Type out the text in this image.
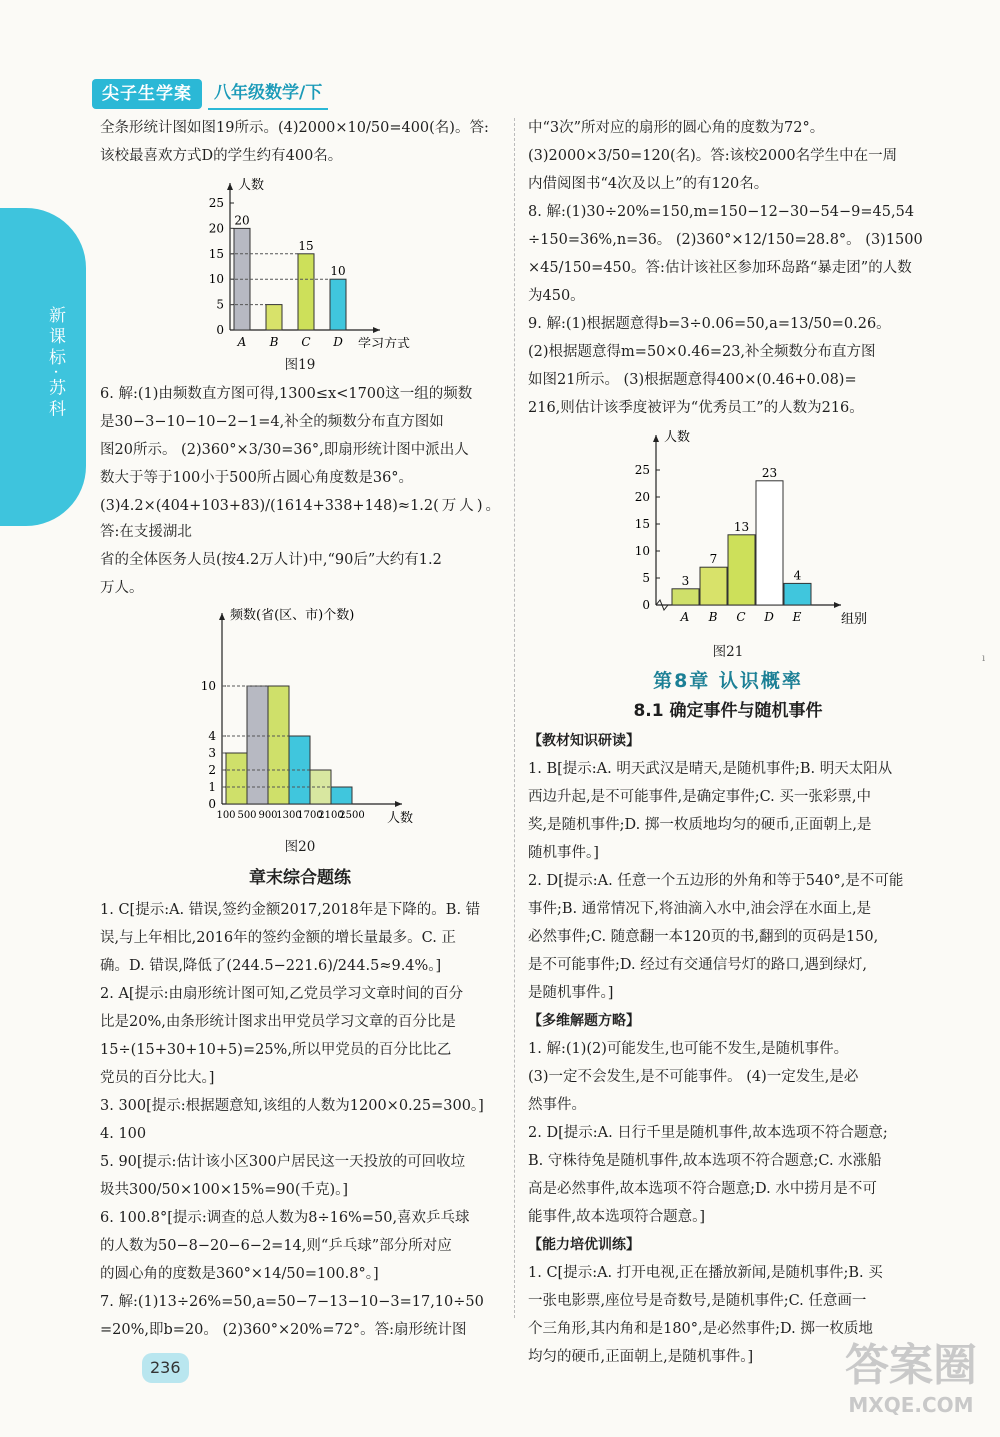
新课标·苏科
尖子生学案	八年级数学/下

全条形统计图如图19所示。(4)2000×10/50=400(名)。答:

该校最喜欢方式D的学生约有400名。

0
5
10
15
20
25
人数
学习方式
20
15
10
A B C D
图19

6. 解:(1)由频数直方图可得,1300≤x<1700这一组的频数

是30−3−10−10−2−1=4,补全的频数分布直方图如

图20所示。 (2)360°×3/30=36°,即扇形统计图中派出人

数大于等于100小于500所占圆心角度数是36°。

(3)4.2×(404+103+83)/(1614+338+148)≈1.2(万人)。答:在支援湖北

省的全体医务人员(按4.2万人计)中,“90后”大约有1.2

万人。

0
1
2
3
4
10
频数(省(区、市)个数)
人数
100 500 900
1300
1700
2100
2500
图20
章末综合题练

1. C[提示:A. 错误,签约金额2017,2018年是下降的。B. 错

误,与上年相比,2016年的签约金额的增长量最多。C. 正

确。D. 错误,降低了(244.5−221.6)/244.5≈9.4%。]

2. A[提示:由扇形统计图可知,乙党员学习文章时间的百分

比是20%,由条形统计图求出甲党员学习文章的百分比是

15÷(15+30+10+5)=25%,所以甲党员的百分比比乙

党员的百分比大。]

3. 300[提示:根据题意知,该组的人数为1200×0.25=300。]

4. 100

5. 90[提示:估计该小区300户居民这一天投放的可回收垃

圾共300/50×100×15%=90(千克)。]

6. 100.8°[提示:调查的总人数为8÷16%=50,喜欢乒乓球

的人数为50−8−20−6−2=14,则“乒乓球”部分所对应

的圆心角的度数是360°×14/50=100.8°。]

7. 解:(1)13÷26%=50,a=50−7−13−10−3=17,10÷50

=20%,即b=20。 (2)360°×20%=72°。答:扇形统计图

中“3次”所对应的扇形的圆心角的度数为72°。

(3)2000×3/50=120(名)。答:该校2000名学生中在一周

内借阅图书“4次及以上”的有120名。

8. 解:(1)30÷20%=150,m=150−12−30−54−9=45,54

÷150=36%,n=36。 (2)360°×12/150=28.8°。 (3)1500

×45/150=450。答:估计该社区参加环岛路“暴走团”的人数

为450。

9. 解:(1)根据题意得b=3÷0.06=50,a=13/50=0.26。

(2)根据题意得m=50×0.46=23,补全频数分布直方图

如图21所示。 (3)根据题意得400×(0.46+0.08)=

216,则估计该季度被评为“优秀员工”的人数为216。

0
5
10
15
20
25
人数
组别
3
7
13
23
4
A B C D E
图21
第8章 认识概率
8.1 确定事件与随机事件
【教材知识研读】

1. B[提示:A. 明天武汉是晴天,是随机事件;B. 明天太阳从

西边升起,是不可能事件,是确定事件;C. 买一张彩票,中

奖,是随机事件;D. 掷一枚质地均匀的硬币,正面朝上,是

随机事件。]

2. D[提示:A. 任意一个五边形的外角和等于540°,是不可能

事件;B. 通常情况下,将油滴入水中,油会浮在水面上,是

必然事件;C. 随意翻一本120页的书,翻到的页码是150,

是不可能事件;D. 经过有交通信号灯的路口,遇到绿灯,

是随机事件。]

【多维解题方略】

1. 解:(1)(2)可能发生,也可能不发生,是随机事件。

(3)一定不会发生,是不可能事件。 (4)一定发生,是必

然事件。

2. D[提示:A. 日行千里是随机事件,故本选项不符合题意;

B. 守株待兔是随机事件,故本选项不符合题意;C. 水涨船

高是必然事件,故本选项不符合题意;D. 水中捞月是不可

能事件,故本选项符合题意。]

【能力培优训练】

1. C[提示:A. 打开电视,正在播放新闻,是随机事件;B. 买

一张电影票,座位号是奇数号,是随机事件;C. 任意画一

个三角形,其内角和是180°,是必然事件;D. 掷一枚质地

均匀的硬币,正面朝上,是随机事件。]

236
ı
答案圈
MXQE.COM
